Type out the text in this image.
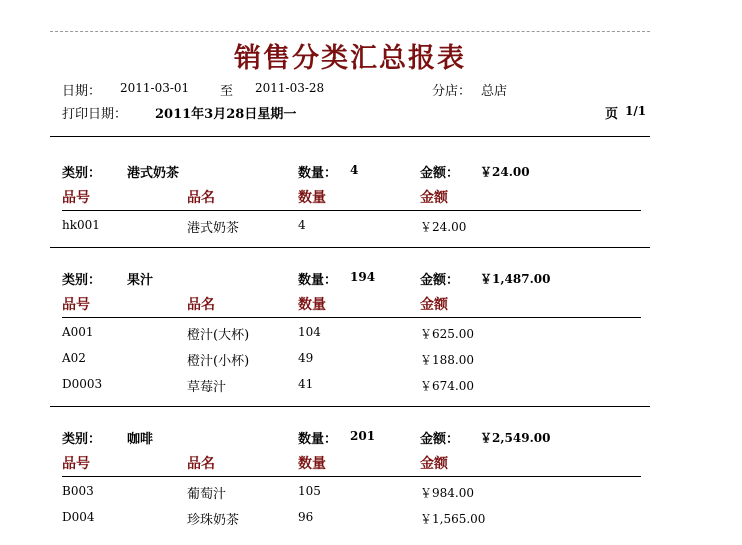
销售分类汇总报表
日期： 2011-03-01 至 2011-03-28	分店： 总店
打印日期： 2011年3月28日星期一	页 1/1
类别： 港式奶茶	数量： 4	金额： ￥24.00
品号	品名	数量	金额
hk001	港式奶茶	4	￥24.00
类别： 果汁	数量： 194	金额： ￥1,487.00
品号	品名	数量	金额
A001	橙汁(大杯)	104	￥625.00
A02	橙汁(小杯)	49	￥188.00
D0003	草莓汁	41	￥674.00
类别： 咖啡	数量： 201	金额： ￥2,549.00
品号	品名	数量	金额
B003	葡萄汁	105	￥984.00
D004	珍珠奶茶	96	￥1,565.00
